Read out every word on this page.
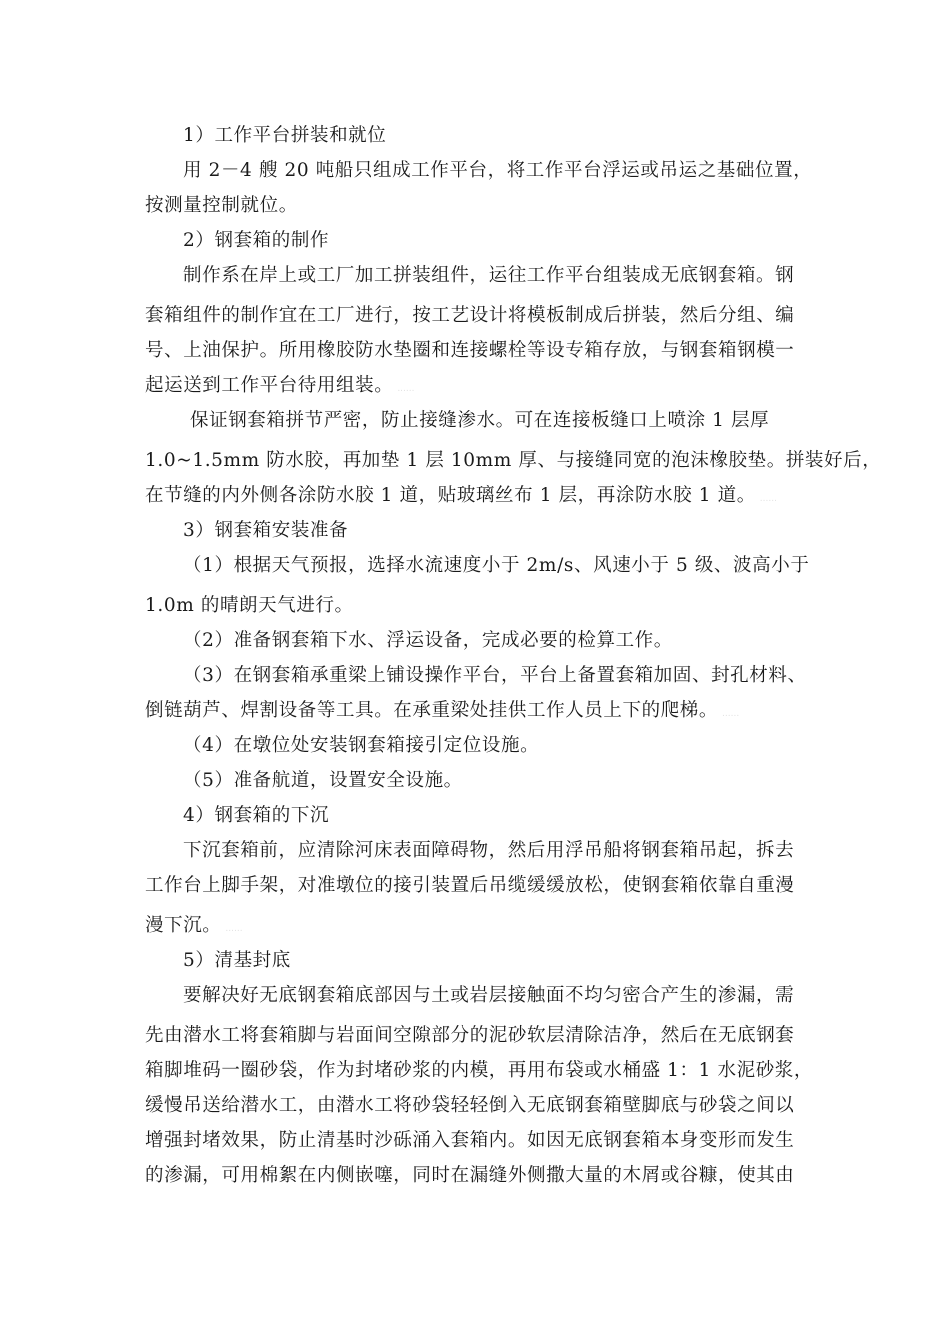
1）工作平台拼装和就位
用 2－4 艘 20 吨船只组成工作平台，将工作平台浮运或吊运之基础位置，
按测量控制就位。
2）钢套箱的制作
制作系在岸上或工厂加工拼装组件，运往工作平台组装成无底钢套箱。钢
套箱组件的制作宜在工厂进行，按工艺设计将模板制成后拼装，然后分组、编
号、上油保护。所用橡胶防水垫圈和连接螺栓等设专箱存放，与钢套箱钢模一
起运送到工作平台待用组装。 ......
保证钢套箱拼节严密，防止接缝渗水。可在连接板缝口上喷涂 1 层厚
1.0~1.5mm 防水胶，再加垫 1 层 10mm 厚、与接缝同宽的泡沫橡胶垫。拼装好后，
在节缝的内外侧各涂防水胶 1 道，贴玻璃丝布 1 层，再涂防水胶 1 道。 ......
3）钢套箱安装准备
（1）根据天气预报，选择水流速度小于 2m/s、风速小于 5 级、波高小于
1.0m 的晴朗天气进行。
（2）准备钢套箱下水、浮运设备，完成必要的检算工作。
（3）在钢套箱承重梁上铺设操作平台，平台上备置套箱加固、封孔材料、
倒链葫芦、焊割设备等工具。在承重梁处挂供工作人员上下的爬梯。 ......
（4）在墩位处安装钢套箱接引定位设施。
（5）准备航道，设置安全设施。
4）钢套箱的下沉
下沉套箱前，应清除河床表面障碍物，然后用浮吊船将钢套箱吊起，拆去
工作台上脚手架，对准墩位的接引装置后吊缆缓缓放松，使钢套箱依靠自重漫
漫下沉。 ......
5）清基封底
要解决好无底钢套箱底部因与土或岩层接触面不均匀密合产生的渗漏，需
先由潜水工将套箱脚与岩面间空隙部分的泥砂软层清除洁净，然后在无底钢套
箱脚堆码一圈砂袋，作为封堵砂浆的内模，再用布袋或水桶盛 1：1 水泥砂浆，
缓慢吊送给潜水工，由潜水工将砂袋轻轻倒入无底钢套箱壁脚底与砂袋之间以
增强封堵效果，防止清基时沙砾涌入套箱内。如因无底钢套箱本身变形而发生
的渗漏，可用棉絮在内侧嵌噻，同时在漏缝外侧撒大量的木屑或谷糠，使其由
